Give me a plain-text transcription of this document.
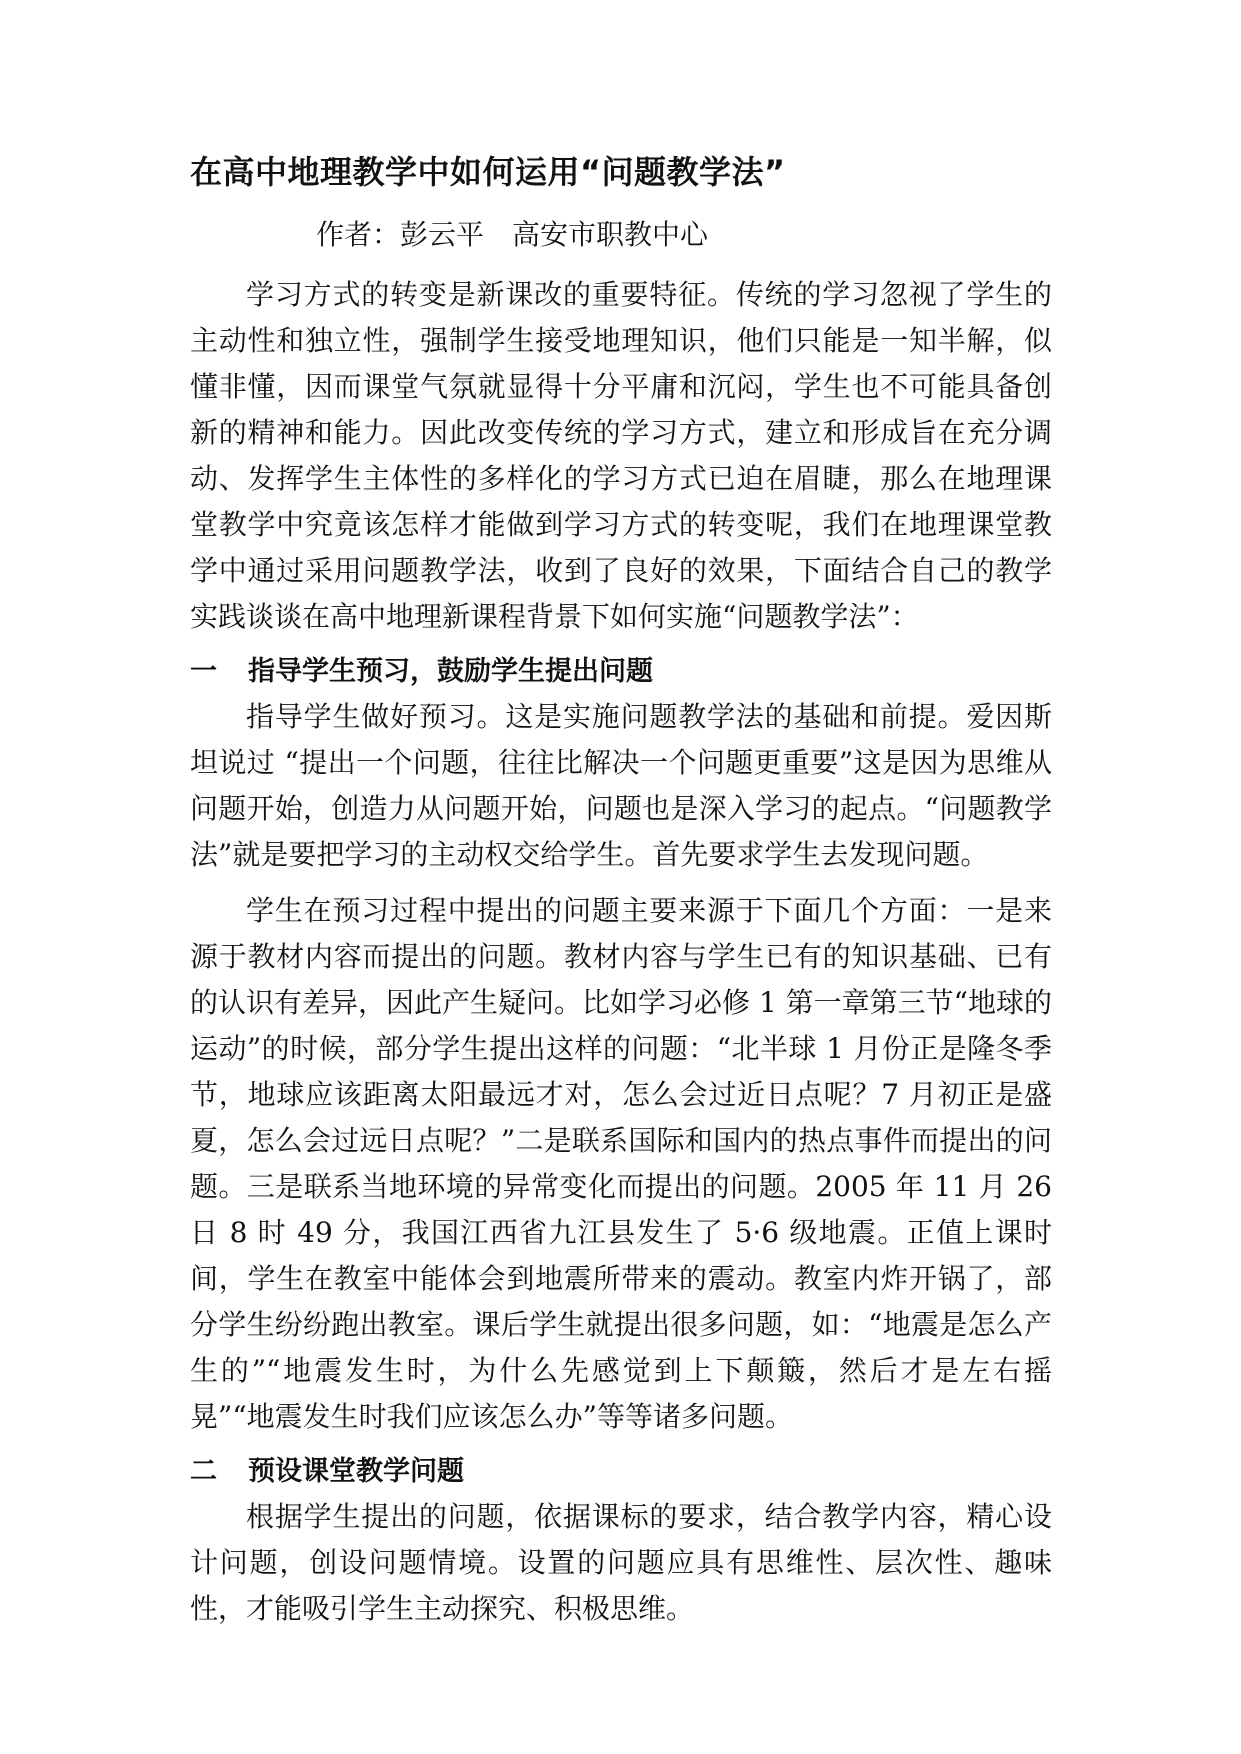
在高中地理教学中如何运用“问题教学法”
作者：彭云平 高安市职教中心

学习方式的转变是新课改的重要特征。传统的学习忽视了学生的主动性和独立性，强制学生接受地理知识，他们只能是一知半解，似懂非懂，因而课堂气氛就显得十分平庸和沉闷，学生也不可能具备创新的精神和能力。因此改变传统的学习方式，建立和形成旨在充分调动、发挥学生主体性的多样化的学习方式已迫在眉睫，那么在地理课堂教学中究竟该怎样才能做到学习方式的转变呢，我们在地理课堂教学中通过采用问题教学法，收到了良好的效果，下面结合自己的教学实践谈谈在高中地理新课程背景下如何实施“问题教学法”：

一 指导学生预习，鼓励学生提出问题

指导学生做好预习。这是实施问题教学法的基础和前提。爱因斯坦说过 “提出一个问题，往往比解决一个问题更重要”这是因为思维从问题开始，创造力从问题开始，问题也是深入学习的起点。“问题教学法”就是要把学习的主动权交给学生。首先要求学生去发现问题。

学生在预习过程中提出的问题主要来源于下面几个方面：一是来源于教材内容而提出的问题。教材内容与学生已有的知识基础、已有的认识有差异，因此产生疑问。比如学习必修 1 第一章第三节“地球的运动”的时候，部分学生提出这样的问题：“北半球 1 月份正是隆冬季节，地球应该距离太阳最远才对，怎么会过近日点呢？7 月初正是盛夏，怎么会过远日点呢？”二是联系国际和国内的热点事件而提出的问题。三是联系当地环境的异常变化而提出的问题。2005 年 11 月 26 日 8 时 49 分，我国江西省九江县发生了 5·6 级地震。正值上课时间，学生在教室中能体会到地震所带来的震动。教室内炸开锅了，部分学生纷纷跑出教室。课后学生就提出很多问题，如：“地震是怎么产生的”“地震发生时，为什么先感觉到上下颠簸，然后才是左右摇晃”“地震发生时我们应该怎么办”等等诸多问题。

二 预设课堂教学问题

根据学生提出的问题，依据课标的要求，结合教学内容，精心设计问题，创设问题情境。设置的问题应具有思维性、层次性、趣味性，才能吸引学生主动探究、积极思维。
